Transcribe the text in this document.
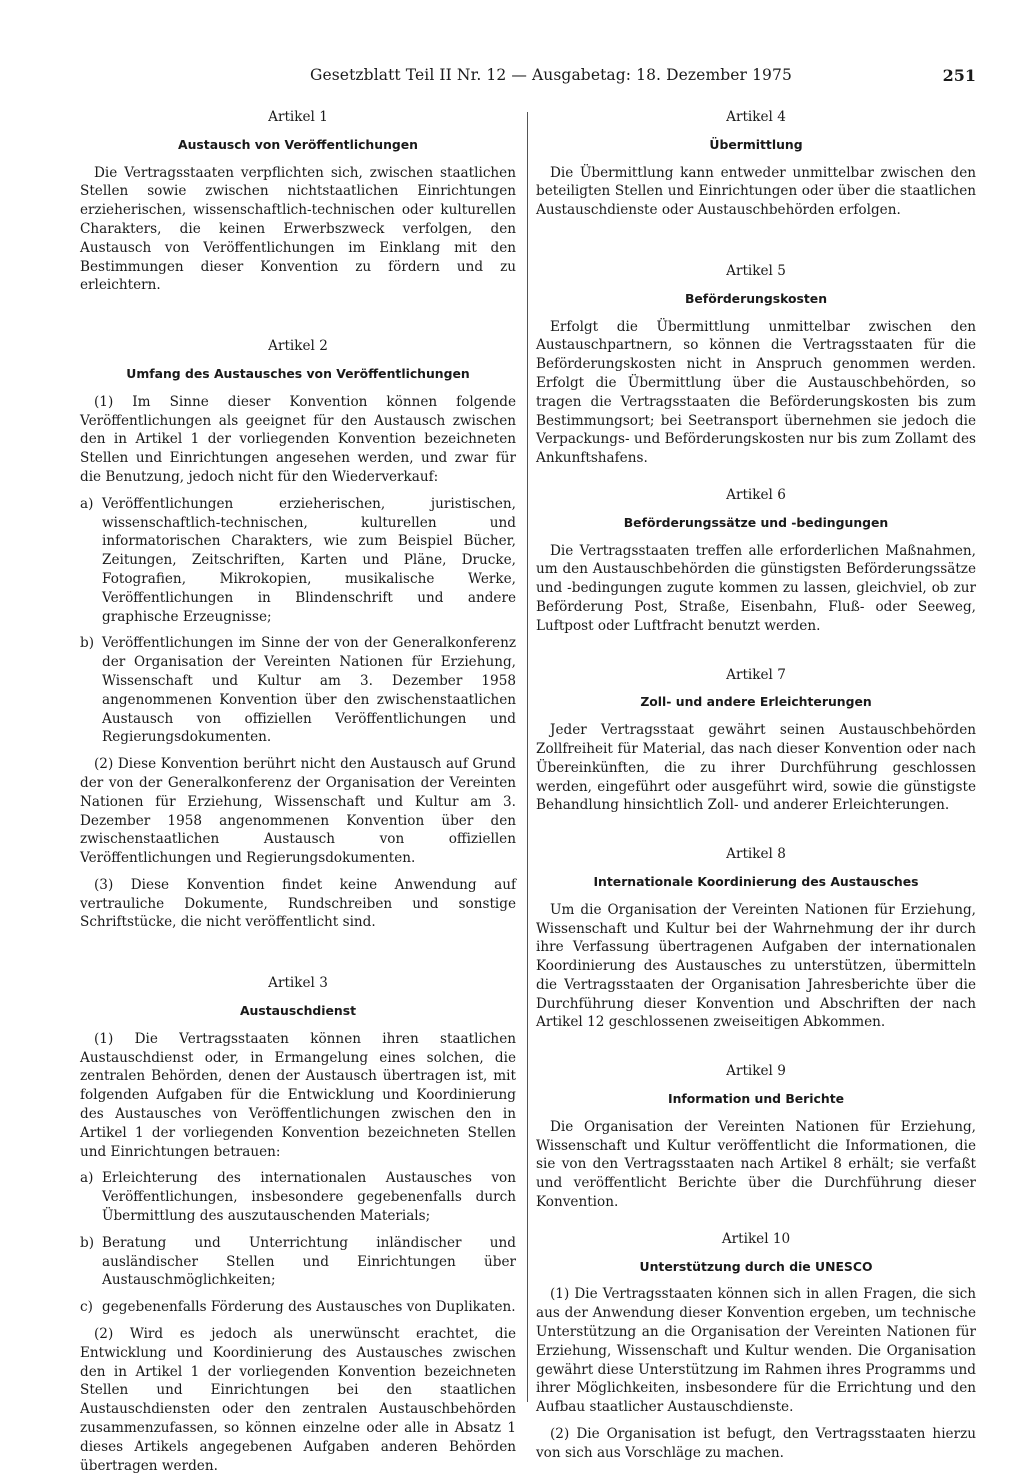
Gesetzblatt Teil II Nr. 12 — Ausgabetag: 18. Dezember 1975	251
Artikel 1
Austausch von Veröffentlichungen

Die Vertragsstaaten verpflichten sich, zwischen staatlichen Stellen sowie zwischen nichtstaatlichen Einrichtungen erzieherischen, wissenschaftlich-technischen oder kulturellen Charakters, die keinen Erwerbszweck verfolgen, den Austausch von Veröffentlichungen im Einklang mit den Bestimmungen dieser Konvention zu fördern und zu erleichtern.

Artikel 2
Umfang des Austausches von Veröffentlichungen

(1) Im Sinne dieser Konvention können folgende Veröffentlichungen als geeignet für den Austausch zwischen den in Artikel 1 der vorliegenden Konvention bezeichneten Stellen und Einrichtungen angesehen werden, und zwar für die Benutzung, jedoch nicht für den Wiederverkauf:

a) Veröffentlichungen erzieherischen, juristischen, wissenschaftlich-technischen, kulturellen und informatorischen Charakters, wie zum Beispiel Bücher, Zeitungen, Zeitschriften, Karten und Pläne, Drucke, Fotografien, Mikrokopien, musikalische Werke, Veröffentlichungen in Blindenschrift und andere graphische Erzeugnisse;
b) Veröffentlichungen im Sinne der von der Generalkonferenz der Organisation der Vereinten Nationen für Erziehung, Wissenschaft und Kultur am 3. Dezember 1958 angenommenen Konvention über den zwischenstaatlichen Austausch von offiziellen Veröffentlichungen und Regierungsdokumenten.

(2) Diese Konvention berührt nicht den Austausch auf Grund der von der Generalkonferenz der Organisation der Vereinten Nationen für Erziehung, Wissenschaft und Kultur am 3. Dezember 1958 angenommenen Konvention über den zwischenstaatlichen Austausch von offiziellen Veröffentlichungen und Regierungsdokumenten.

(3) Diese Konvention findet keine Anwendung auf vertrauliche Dokumente, Rundschreiben und sonstige Schriftstücke, die nicht veröffentlicht sind.

Artikel 3
Austauschdienst

(1) Die Vertragsstaaten können ihren staatlichen Austauschdienst oder, in Ermangelung eines solchen, die zentralen Behörden, denen der Austausch übertragen ist, mit folgenden Aufgaben für die Entwicklung und Koordinierung des Austausches von Veröffentlichungen zwischen den in Artikel 1 der vorliegenden Konvention bezeichneten Stellen und Einrichtungen betrauen:

a) Erleichterung des internationalen Austausches von Veröffentlichungen, insbesondere gegebenenfalls durch Übermittlung des auszutauschenden Materials;
b) Beratung und Unterrichtung inländischer und ausländischer Stellen und Einrichtungen über Austauschmöglichkeiten;
c) gegebenenfalls Förderung des Austausches von Duplikaten.

(2) Wird es jedoch als unerwünscht erachtet, die Entwicklung und Koordinierung des Austausches zwischen den in Artikel 1 der vorliegenden Konvention bezeichneten Stellen und Einrichtungen bei den staatlichen Austauschdiensten oder den zentralen Austauschbehörden zusammenzufassen, so können einzelne oder alle in Absatz 1 dieses Artikels angegebenen Aufgaben anderen Behörden übertragen werden.

Artikel 4
Übermittlung

Die Übermittlung kann entweder unmittelbar zwischen den beteiligten Stellen und Einrichtungen oder über die staatlichen Austauschdienste oder Austauschbehörden erfolgen.

Artikel 5
Beförderungskosten

Erfolgt die Übermittlung unmittelbar zwischen den Austauschpartnern, so können die Vertragsstaaten für die Beförderungskosten nicht in Anspruch genommen werden. Erfolgt die Übermittlung über die Austauschbehörden, so tragen die Vertragsstaaten die Beförderungskosten bis zum Bestimmungsort; bei Seetransport übernehmen sie jedoch die Verpackungs- und Beförderungskosten nur bis zum Zollamt des Ankunftshafens.

Artikel 6
Beförderungssätze und -bedingungen

Die Vertragsstaaten treffen alle erforderlichen Maßnahmen, um den Austauschbehörden die günstigsten Beförderungssätze und -bedingungen zugute kommen zu lassen, gleichviel, ob zur Beförderung Post, Straße, Eisenbahn, Fluß- oder Seeweg, Luftpost oder Luftfracht benutzt werden.

Artikel 7
Zoll- und andere Erleichterungen

Jeder Vertragsstaat gewährt seinen Austauschbehörden Zollfreiheit für Material, das nach dieser Konvention oder nach Übereinkünften, die zu ihrer Durchführung geschlossen werden, eingeführt oder ausgeführt wird, sowie die günstigste Behandlung hinsichtlich Zoll- und anderer Erleichterungen.

Artikel 8
Internationale Koordinierung des Austausches

Um die Organisation der Vereinten Nationen für Erziehung, Wissenschaft und Kultur bei der Wahrnehmung der ihr durch ihre Verfassung übertragenen Aufgaben der internationalen Koordinierung des Austausches zu unterstützen, übermitteln die Vertragsstaaten der Organisation Jahresberichte über die Durchführung dieser Konvention und Abschriften der nach Artikel 12 geschlossenen zweiseitigen Abkommen.

Artikel 9
Information und Berichte

Die Organisation der Vereinten Nationen für Erziehung, Wissenschaft und Kultur veröffentlicht die Informationen, die sie von den Vertragsstaaten nach Artikel 8 erhält; sie verfaßt und veröffentlicht Berichte über die Durchführung dieser Konvention.

Artikel 10
Unterstützung durch die UNESCO

(1) Die Vertragsstaaten können sich in allen Fragen, die sich aus der Anwendung dieser Konvention ergeben, um technische Unterstützung an die Organisation der Vereinten Nationen für Erziehung, Wissenschaft und Kultur wenden. Die Organisation gewährt diese Unterstützung im Rahmen ihres Programms und ihrer Möglichkeiten, insbesondere für die Errichtung und den Aufbau staatlicher Austauschdienste.

(2) Die Organisation ist befugt, den Vertragsstaaten hierzu von sich aus Vorschläge zu machen.
